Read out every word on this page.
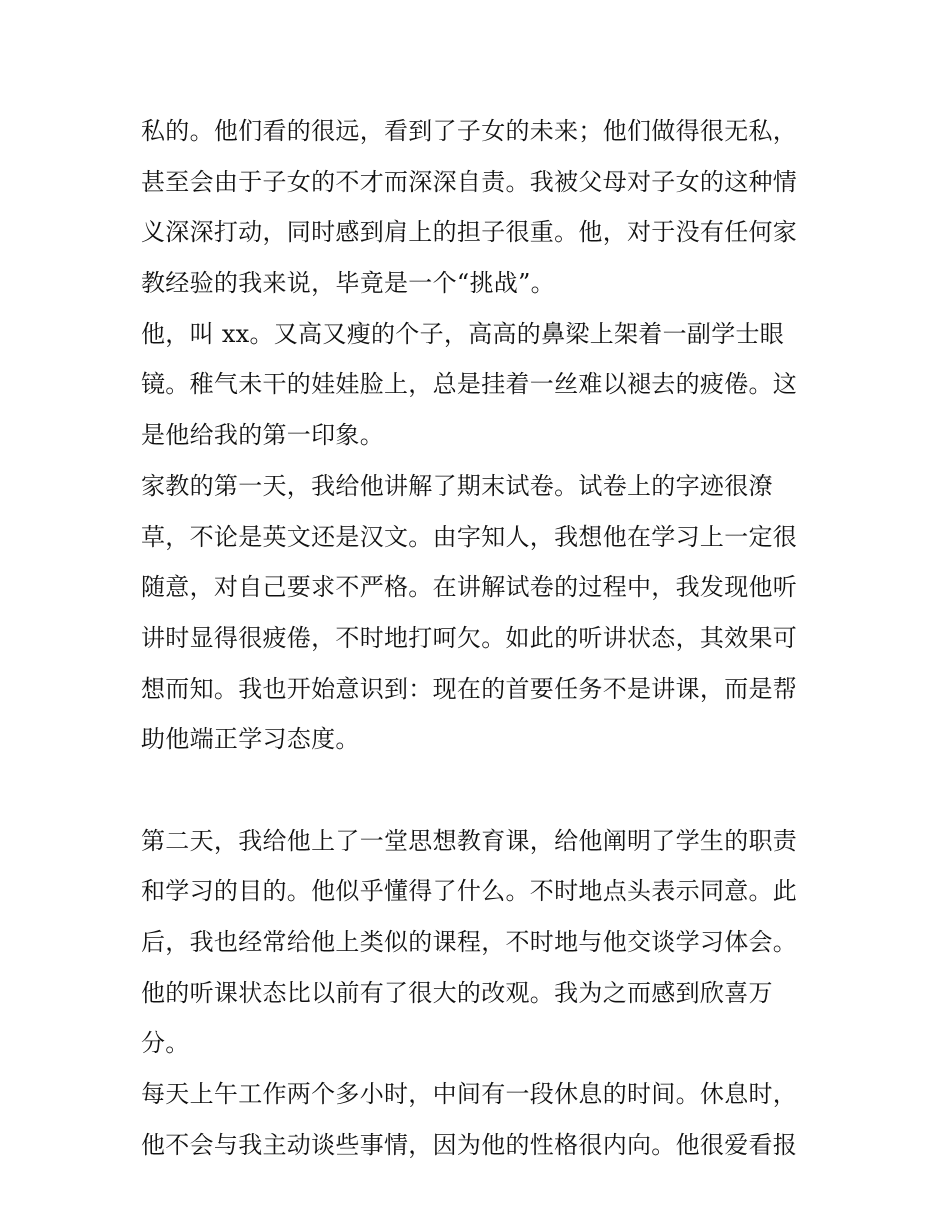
私的。他们看的很远，看到了子女的未来；他们做得很无私，
甚至会由于子女的不才而深深自责。我被父母对子女的这种情
义深深打动，同时感到肩上的担子很重。他，对于没有任何家
教经验的我来说，毕竟是一个“挑战”。
他，叫 xx。又高又瘦的个子，高高的鼻梁上架着一副学士眼
镜。稚气未干的娃娃脸上，总是挂着一丝难以褪去的疲倦。这
是他给我的第一印象。
家教的第一天，我给他讲解了期末试卷。试卷上的字迹很潦
草，不论是英文还是汉文。由字知人，我想他在学习上一定很
随意，对自己要求不严格。在讲解试卷的过程中，我发现他听
讲时显得很疲倦，不时地打呵欠。如此的听讲状态，其效果可
想而知。我也开始意识到：现在的首要任务不是讲课，而是帮
助他端正学习态度。
第二天，我给他上了一堂思想教育课，给他阐明了学生的职责
和学习的目的。他似乎懂得了什么。不时地点头表示同意。此
后，我也经常给他上类似的课程，不时地与他交谈学习体会。
他的听课状态比以前有了很大的改观。我为之而感到欣喜万
分。
每天上午工作两个多小时，中间有一段休息的时间。休息时，
他不会与我主动谈些事情，因为他的性格很内向。他很爱看报
